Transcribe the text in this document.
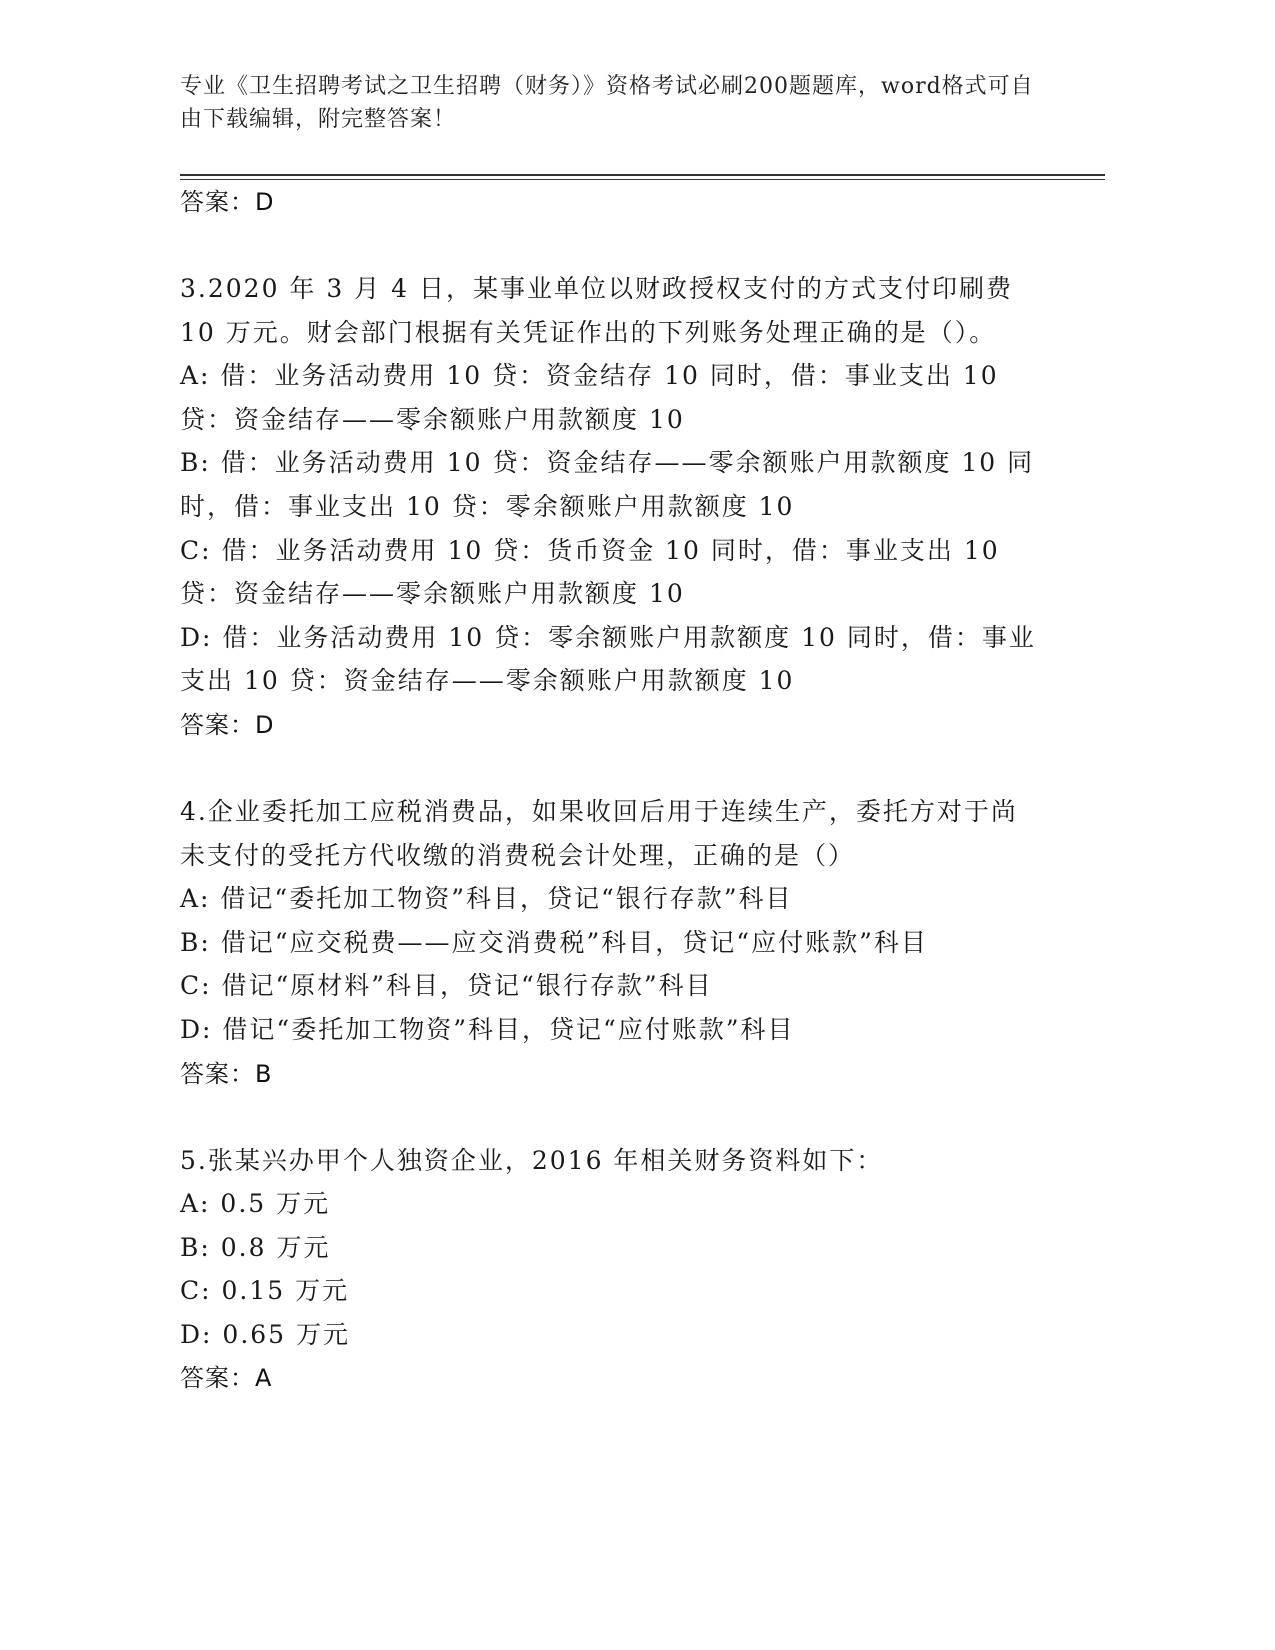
专业《卫生招聘考试之卫生招聘（财务）》资格考试必刷200题题库，word格式可自由下载编辑，附完整答案！
答案：D
3.2020 年 3 月 4 日，某事业单位以财政授权支付的方式支付印刷费 10 万元。财会部门根据有关凭证作出的下列账务处理正确的是（）。
A: 借：业务活动费用 10 贷：资金结存 10 同时，借：事业支出 10 贷：资金结存——零余额账户用款额度 10
B: 借：业务活动费用 10 贷：资金结存——零余额账户用款额度 10 同时，借：事业支出 10 贷：零余额账户用款额度 10
C: 借：业务活动费用 10 贷：货币资金 10 同时，借：事业支出 10 贷：资金结存——零余额账户用款额度 10
D: 借：业务活动费用 10 贷：零余额账户用款额度 10 同时，借：事业支出 10 贷：资金结存——零余额账户用款额度 10
答案：D
4.企业委托加工应税消费品，如果收回后用于连续生产，委托方对于尚未支付的受托方代收缴的消费税会计处理，正确的是（）
A: 借记“委托加工物资”科目，贷记“银行存款”科目
B: 借记“应交税费——应交消费税”科目，贷记“应付账款”科目
C: 借记“原材料”科目，贷记“银行存款”科目
D: 借记“委托加工物资”科目，贷记“应付账款”科目
答案：B
5.张某兴办甲个人独资企业，2016 年相关财务资料如下：
A: 0.5 万元
B: 0.8 万元
C: 0.15 万元
D: 0.65 万元
答案：A
